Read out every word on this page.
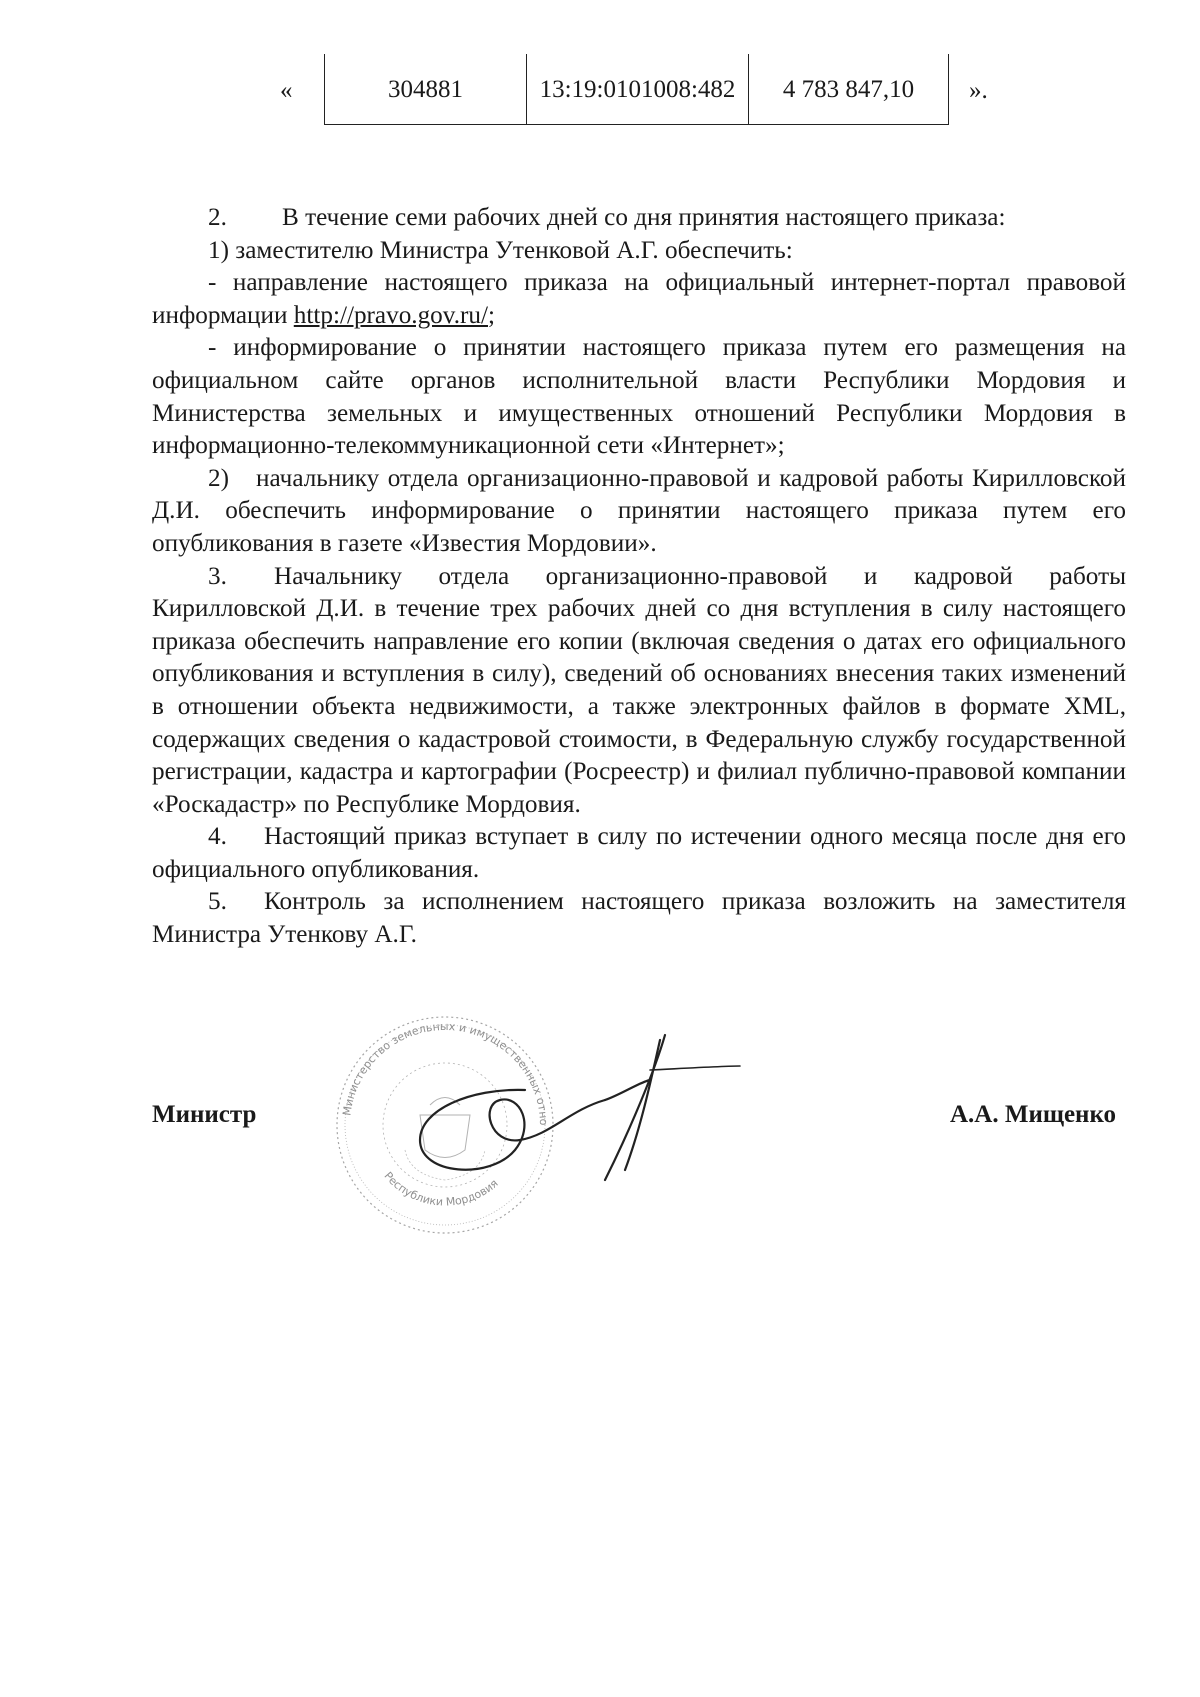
«	304881	13:19:0101008:482	4 783 847,10 ».

2. В течение семи рабочих дней со дня принятия настоящего приказа:

1) заместителю Министра Утенковой А.Г. обеспечить:

- направление настоящего приказа на официальный интернет-портал правовой информации http://pravo.gov.ru/;

- информирование о принятии настоящего приказа путем его размещения на официальном сайте органов исполнительной власти Республики Мордовия и Министерства земельных и имущественных отношений Республики Мордовия в информационно-телекоммуникационной сети «Интернет»;

2) начальнику отдела организационно-правовой и кадровой работы Кирилловской Д.И. обеспечить информирование о принятии настоящего приказа путем его опубликования в газете «Известия Мордовии».

3. Начальнику отдела организационно-правовой и кадровой работы Кирилловской Д.И. в течение трех рабочих дней со дня вступления в силу настоящего приказа обеспечить направление его копии (включая сведения о датах его официального опубликования и вступления в силу), сведений об основаниях внесения таких изменений в отношении объекта недвижимости, а также электронных файлов в формате XML, содержащих сведения о кадастровой стоимости, в Федеральную службу государственной регистрации, кадастра и картографии (Росреестр) и филиал публично-правовой компании «Роскадастр» по Республике Мордовия.

4. Настоящий приказ вступает в силу по истечении одного месяца после дня его официального опубликования.

5. Контроль за исполнением настоящего приказа возложить на заместителя Министра Утенкову А.Г.

Министерство земельных и имущественных отно
Республики Мордовия
Министр	А.А. Мищенко
